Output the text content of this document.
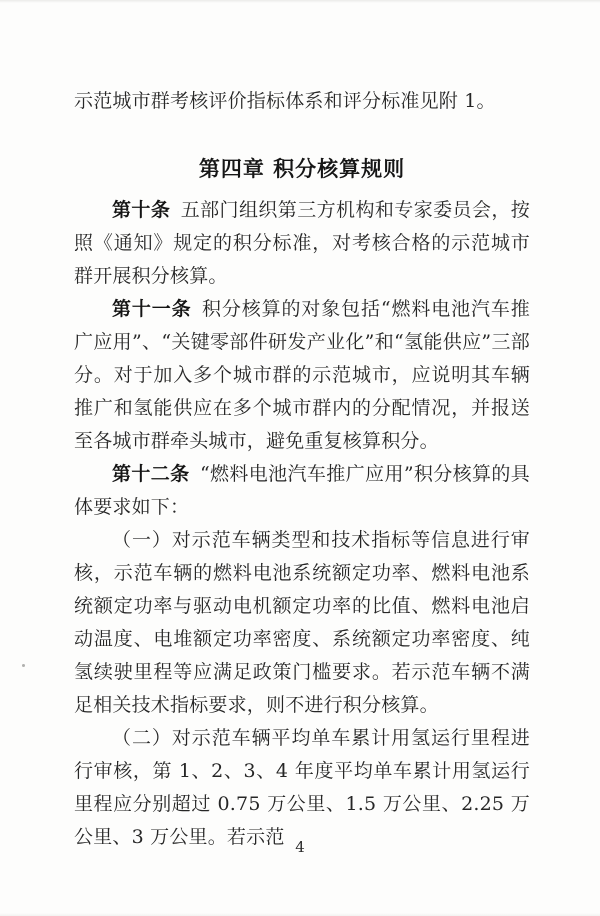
示范城市群考核评价指标体系和评分标准见附 1。

第四章 积分核算规则

第十条 五部门组织第三方机构和专家委员会，按照《通知》规定的积分标准，对考核合格的示范城市群开展积分核算。

第十一条 积分核算的对象包括“燃料电池汽车推广应用”、“关键零部件研发产业化”和“氢能供应”三部分。对于加入多个城市群的示范城市，应说明其车辆推广和氢能供应在多个城市群内的分配情况，并报送至各城市群牵头城市，避免重复核算积分。

第十二条 “燃料电池汽车推广应用”积分核算的具体要求如下：

（一）对示范车辆类型和技术指标等信息进行审核，示范车辆的燃料电池系统额定功率、燃料电池系统额定功率与驱动电机额定功率的比值、燃料电池启动温度、电堆额定功率密度、系统额定功率密度、纯氢续驶里程等应满足政策门槛要求。若示范车辆不满足相关技术指标要求，则不进行积分核算。

（二）对示范车辆平均单车累计用氢运行里程进行审核，第 1、2、3、4 年度平均单车累计用氢运行里程应分别超过 0.75 万公里、1.5 万公里、2.25 万公里、3 万公里。若示范 4
